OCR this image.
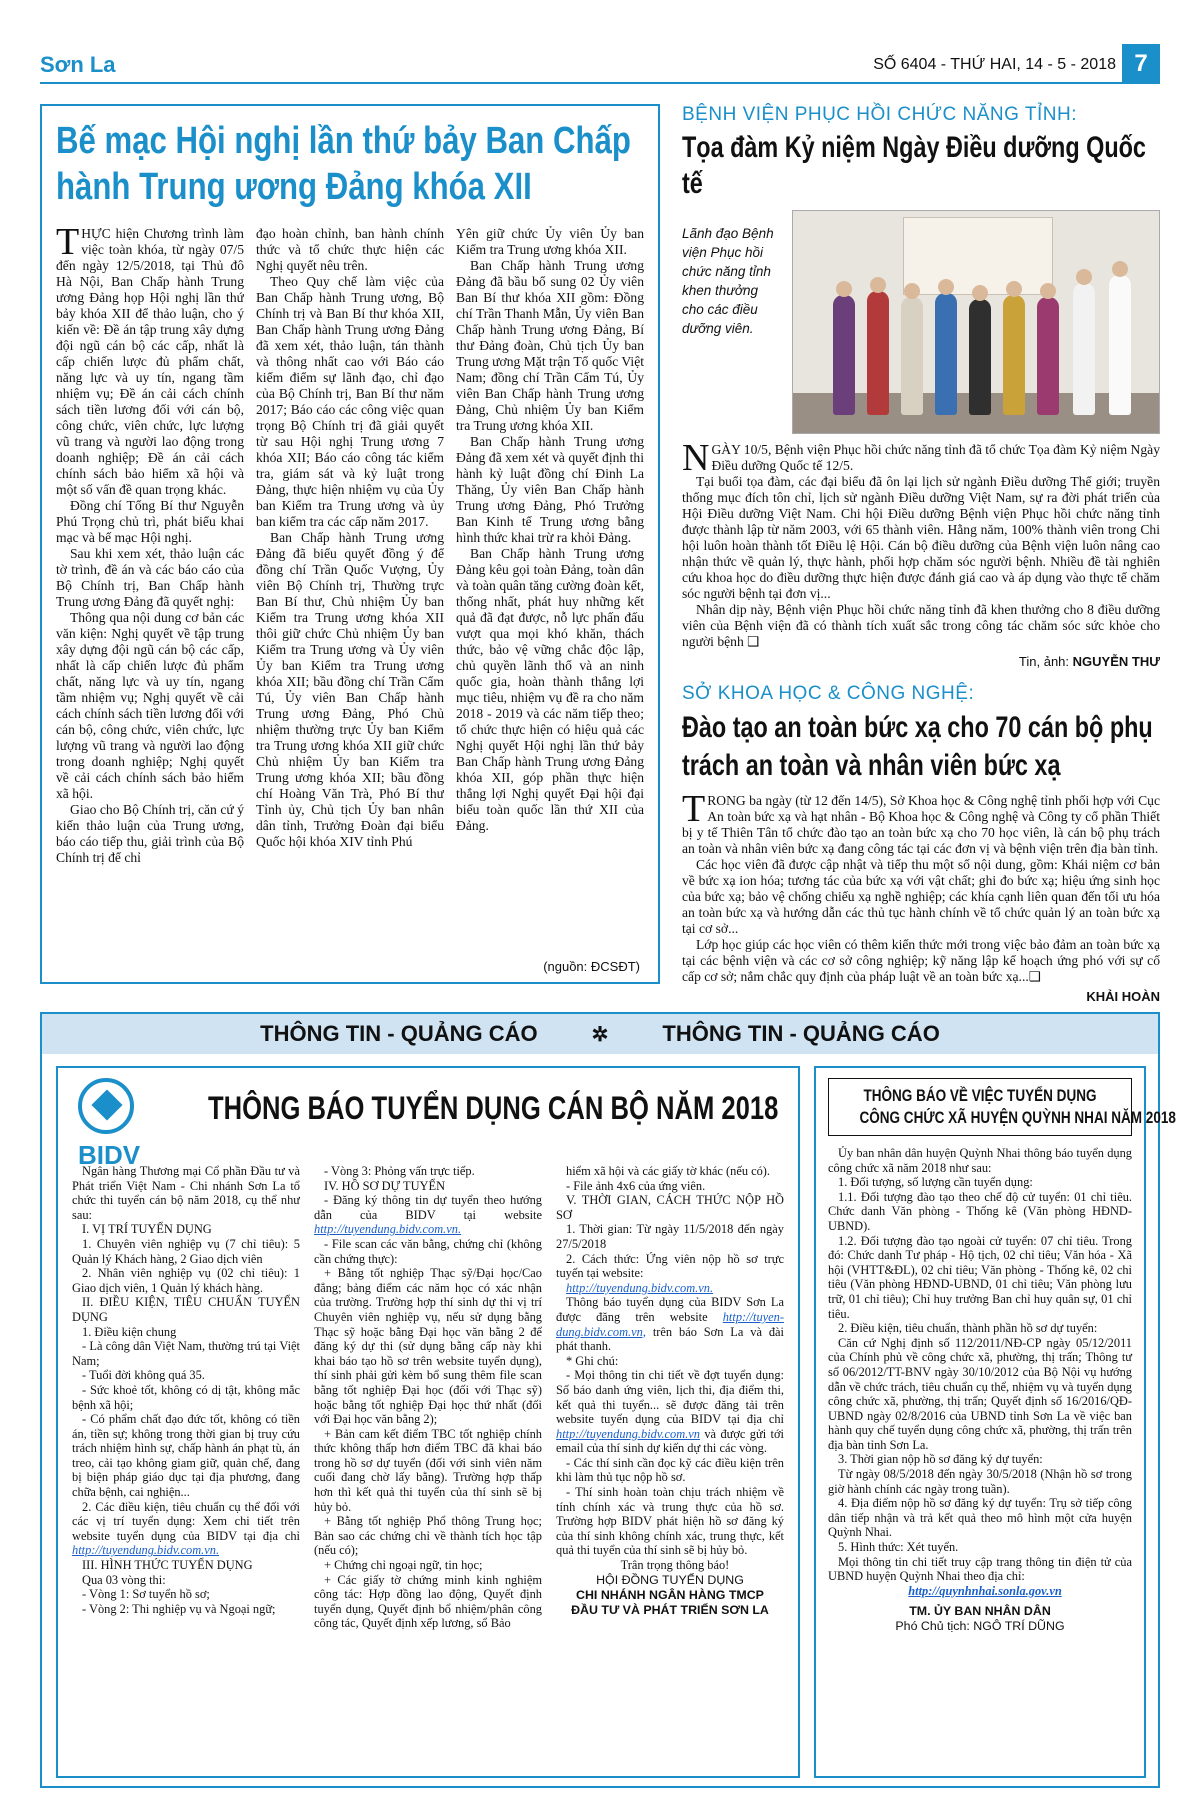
Sơn La	SỐ 6404 - THỨ HAI, 14 - 5 - 2018 7
Bế mạc Hội nghị lần thứ bảy Ban Chấp hành Trung ương Đảng khóa XII

THỰC hiện Chương trình làm việc toàn khóa, từ ngày 07/5 đến ngày 12/5/2018, tại Thủ đô Hà Nội, Ban Chấp hành Trung ương Đảng họp Hội nghị lần thứ bảy khóa XII để thảo luận, cho ý kiến về: Đề án tập trung xây dựng đội ngũ cán bộ các cấp, nhất là cấp chiến lược đủ phẩm chất, năng lực và uy tín, ngang tầm nhiệm vụ; Đề án cải cách chính sách tiền lương đối với cán bộ, công chức, viên chức, lực lượng vũ trang và người lao động trong doanh nghiệp; Đề án cải cách chính sách bảo hiểm xã hội và một số vấn đề quan trọng khác.

Đồng chí Tổng Bí thư Nguyễn Phú Trọng chủ trì, phát biểu khai mạc và bế mạc Hội nghị.

Sau khi xem xét, thảo luận các tờ trình, đề án và các báo cáo của Bộ Chính trị, Ban Chấp hành Trung ương Đảng đã quyết nghị:

Thông qua nội dung cơ bản các văn kiện: Nghị quyết về tập trung xây dựng đội ngũ cán bộ các cấp, nhất là cấp chiến lược đủ phẩm chất, năng lực và uy tín, ngang tầm nhiệm vụ; Nghị quyết về cải cách chính sách tiền lương đối với cán bộ, công chức, viên chức, lực lượng vũ trang và người lao động trong doanh nghiệp; Nghị quyết về cải cách chính sách bảo hiểm xã hội.

Giao cho Bộ Chính trị, căn cứ ý kiến thảo luận của Trung ương, báo cáo tiếp thu, giải trình của Bộ Chính trị để chỉ

đạo hoàn chỉnh, ban hành chính thức và tổ chức thực hiện các Nghị quyết nêu trên.

Theo Quy chế làm việc của Ban Chấp hành Trung ương, Bộ Chính trị và Ban Bí thư khóa XII, Ban Chấp hành Trung ương Đảng đã xem xét, thảo luận, tán thành và thông nhất cao với Báo cáo kiểm điểm sự lãnh đạo, chỉ đạo của Bộ Chính trị, Ban Bí thư năm 2017; Báo cáo các công việc quan trọng Bộ Chính trị đã giải quyết từ sau Hội nghị Trung ương 7 khóa XII; Báo cáo công tác kiểm tra, giám sát và kỷ luật trong Đảng, thực hiện nhiệm vụ của Ủy ban Kiểm tra Trung ương và ủy ban kiểm tra các cấp năm 2017.

Ban Chấp hành Trung ương Đảng đã biểu quyết đồng ý để đồng chí Trần Quốc Vượng, Ủy viên Bộ Chính trị, Thường trực Ban Bí thư, Chủ nhiệm Ủy ban Kiểm tra Trung ương khóa XII thôi giữ chức Chủ nhiệm Ủy ban Kiểm tra Trung ương và Ủy viên Ủy ban Kiểm tra Trung ương khóa XII; bầu đồng chí Trần Cẩm Tú, Ủy viên Ban Chấp hành Trung ương Đảng, Phó Chủ nhiệm thường trực Ủy ban Kiểm tra Trung ương khóa XII giữ chức Chủ nhiệm Ủy ban Kiểm tra Trung ương khóa XII; bầu đồng chí Hoàng Văn Trà, Phó Bí thư Tỉnh ủy, Chủ tịch Ủy ban nhân dân tỉnh, Trưởng Đoàn đại biểu Quốc hội khóa XIV tỉnh Phú

Yên giữ chức Ủy viên Ủy ban Kiểm tra Trung ương khóa XII.

Ban Chấp hành Trung ương Đảng đã bầu bổ sung 02 Ủy viên Ban Bí thư khóa XII gồm: Đồng chí Trần Thanh Mẫn, Ủy viên Ban Chấp hành Trung ương Đảng, Bí thư Đảng đoàn, Chủ tịch Ủy ban Trung ương Mặt trận Tổ quốc Việt Nam; đồng chí Trần Cẩm Tú, Ủy viên Ban Chấp hành Trung ương Đảng, Chủ nhiệm Ủy ban Kiểm tra Trung ương khóa XII.

Ban Chấp hành Trung ương Đảng đã xem xét và quyết định thi hành kỷ luật đồng chí Đinh La Thăng, Ủy viên Ban Chấp hành Trung ương Đảng, Phó Trưởng Ban Kinh tế Trung ương bằng hình thức khai trừ ra khỏi Đảng.

Ban Chấp hành Trung ương Đảng kêu gọi toàn Đảng, toàn dân và toàn quân tăng cường đoàn kết, thống nhất, phát huy những kết quả đã đạt được, nỗ lực phấn đấu vượt qua mọi khó khăn, thách thức, bảo vệ vững chắc độc lập, chủ quyền lãnh thổ và an ninh quốc gia, hoàn thành thắng lợi mục tiêu, nhiệm vụ đề ra cho năm 2018 - 2019 và các năm tiếp theo; tổ chức thực hiện có hiệu quả các Nghị quyết Hội nghị lần thứ bảy Ban Chấp hành Trung ương Đảng khóa XII, góp phần thực hiện thắng lợi Nghị quyết Đại hội đại biểu toàn quốc lần thứ XII của Đảng.

(nguồn: ĐCSĐT)
BỆNH VIỆN PHỤC HỒI CHỨC NĂNG TỈNH:
Tọa đàm Kỷ niệm Ngày Điều dưỡng Quốc tế
Lãnh đạo Bệnh viện Phục hồi chức năng tỉnh khen thưởng cho các điều dưỡng viên.

NGÀY 10/5, Bệnh viện Phục hồi chức năng tỉnh đã tổ chức Tọa đàm Kỷ niệm Ngày Điều dưỡng Quốc tế 12/5.

Tại buổi tọa đàm, các đại biểu đã ôn lại lịch sử ngành Điều dưỡng Thế giới; truyền thống mục đích tôn chỉ, lịch sử ngành Điều dưỡng Việt Nam, sự ra đời phát triển của Hội Điều dưỡng Việt Nam. Chi hội Điều dưỡng Bệnh viện Phục hồi chức năng tỉnh được thành lập từ năm 2003, với 65 thành viên. Hằng năm, 100% thành viên trong Chi hội luôn hoàn thành tốt Điều lệ Hội. Cán bộ điều dưỡng của Bệnh viện luôn nâng cao nhận thức về quản lý, thực hành, phối hợp chăm sóc người bệnh. Nhiều đề tài nghiên cứu khoa học do điều dưỡng thực hiện được đánh giá cao và áp dụng vào thực tế chăm sóc người bệnh tại đơn vị...

Nhân dịp này, Bệnh viện Phục hồi chức năng tỉnh đã khen thưởng cho 8 điều dưỡng viên của Bệnh viện đã có thành tích xuất sắc trong công tác chăm sóc sức khỏe cho người bệnh ❑

Tin, ảnh: NGUYỄN THƯ
SỞ KHOA HỌC & CÔNG NGHỆ:
Đào tạo an toàn bức xạ cho 70 cán bộ phụ trách an toàn và nhân viên bức xạ

TRONG ba ngày (từ 12 đến 14/5), Sở Khoa học & Công nghệ tỉnh phối hợp với Cục An toàn bức xạ và hạt nhân - Bộ Khoa học & Công nghệ và Công ty cổ phần Thiết bị y tế Thiên Tân tổ chức đào tạo an toàn bức xạ cho 70 học viên, là cán bộ phụ trách an toàn và nhân viên bức xạ đang công tác tại các đơn vị và bệnh viện trên địa bàn tỉnh.

Các học viên đã được cập nhật và tiếp thu một số nội dung, gồm: Khái niệm cơ bản về bức xạ ion hóa; tương tác của bức xạ với vật chất; ghi đo bức xạ; hiệu ứng sinh học của bức xạ; bảo vệ chống chiếu xạ nghề nghiệp; các khía cạnh liên quan đến tối ưu hóa an toàn bức xạ và hướng dẫn các thủ tục hành chính về tổ chức quản lý an toàn bức xạ tại cơ sở...

Lớp học giúp các học viên có thêm kiến thức mới trong việc bảo đảm an toàn bức xạ tại các bệnh viện và các cơ sở công nghiệp; kỹ năng lập kế hoạch ứng phó với sự cố cấp cơ sở; nắm chắc quy định của pháp luật về an toàn bức xạ...❑

KHẢI HOÀN
THÔNG TIN - QUẢNG CÁO	✲ THÔNG TIN - QUẢNG CÁO
BIDV
THÔNG BÁO TUYỂN DỤNG CÁN BỘ NĂM 2018

Ngân hàng Thương mại Cổ phần Đầu tư và Phát triển Việt Nam - Chi nhánh Sơn La tổ chức thi tuyển cán bộ năm 2018, cụ thể như sau:

I. VỊ TRÍ TUYỂN DỤNG

1. Chuyên viên nghiệp vụ (7 chỉ tiêu): 5 Quản lý Khách hàng, 2 Giao dịch viên

2. Nhân viên nghiệp vụ (02 chỉ tiêu): 1 Giao dịch viên, 1 Quản lý khách hàng.

II. ĐIỀU KIỆN, TIÊU CHUẨN TUYỂN DỤNG

1. Điều kiện chung

- Là công dân Việt Nam, thường trú tại Việt Nam;

- Tuổi đời không quá 35.

- Sức khoẻ tốt, không có dị tật, không mắc bệnh xã hội;

- Có phẩm chất đạo đức tốt, không có tiền án, tiền sự; không trong thời gian bị truy cứu trách nhiệm hình sự, chấp hành án phạt tù, án treo, cải tạo không giam giữ, quản chế, đang bị biện pháp giáo dục tại địa phương, đang chữa bệnh, cai nghiện...

2. Các điều kiện, tiêu chuẩn cụ thể đối với các vị trí tuyển dụng: Xem chi tiết trên website tuyển dụng của BIDV tại địa chỉ http://tuyendung.bidv.com.vn.

III. HÌNH THỨC TUYỂN DỤNG

Qua 03 vòng thi:

- Vòng 1: Sơ tuyển hồ sơ;

- Vòng 2: Thi nghiệp vụ và Ngoại ngữ;

- Vòng 3: Phỏng vấn trực tiếp.

IV. HỒ SƠ DỰ TUYỂN

- Đăng ký thông tin dự tuyển theo hướng dẫn của BIDV tại website http://tuyendung.bidv.com.vn.

- File scan các văn bằng, chứng chỉ (không cần chứng thực):

+ Bằng tốt nghiệp Thạc sỹ/Đại học/Cao đẳng; bảng điểm các năm học có xác nhận của trường. Trường hợp thí sinh dự thi vị trí Chuyên viên nghiệp vụ, nếu sử dụng bằng Thạc sỹ hoặc bằng Đại học văn bằng 2 để đăng ký dự thi (sử dụng bằng cấp này khi khai báo tạo hồ sơ trên website tuyển dụng), thí sinh phải gửi kèm bổ sung thêm file scan bằng tốt nghiệp Đại học (đối với Thạc sỹ) hoặc bằng tốt nghiệp Đại học thứ nhất (đối với Đại học văn bằng 2);

+ Bản cam kết điểm TBC tốt nghiệp chính thức không thấp hơn điểm TBC đã khai báo trong hồ sơ dự tuyển (đối với sinh viên năm cuối đang chờ lấy bằng). Trường hợp thấp hơn thì kết quả thi tuyển của thí sinh sẽ bị hủy bỏ.

+ Bằng tốt nghiệp Phổ thông Trung học; Bản sao các chứng chỉ về thành tích học tập (nếu có);

+ Chứng chỉ ngoại ngữ, tin học;

+ Các giấy tờ chứng minh kinh nghiệm công tác: Hợp đồng lao động, Quyết định tuyển dụng, Quyết định bổ nhiệm/phân công công tác, Quyết định xếp lương, sổ Bảo

hiểm xã hội và các giấy tờ khác (nếu có).

- File ảnh 4x6 của ứng viên.

V. THỜI GIAN, CÁCH THỨC NỘP HỒ SƠ

1. Thời gian: Từ ngày 11/5/2018 đến ngày 27/5/2018

2. Cách thức: Ứng viên nộp hồ sơ trực tuyến tại website:

http://tuyendung.bidv.com.vn.

Thông báo tuyển dụng của BIDV Sơn La được đăng trên website http://tuyen-dung.bidv.com.vn, trên báo Sơn La và đài phát thanh.

* Ghi chú:

- Mọi thông tin chi tiết về đợt tuyển dụng: Số báo danh ứng viên, lịch thi, địa điểm thi, kết quả thi tuyển... sẽ được đăng tải trên website tuyển dụng của BIDV tại địa chỉ http://tuyendung.bidv.com.vn và được gửi tới email của thí sinh dự kiến dự thi các vòng.

- Các thí sinh cần đọc kỹ các điều kiện trên khi làm thủ tục nộp hồ sơ.

- Thí sinh hoàn toàn chịu trách nhiệm về tính chính xác và trung thực của hồ sơ. Trường hợp BIDV phát hiện hồ sơ đăng ký của thí sinh không chính xác, trung thực, kết quả thi tuyển của thí sinh sẽ bị hủy bỏ.

Trân trọng thông báo!

HỘI ĐỒNG TUYỂN DỤNG
CHI NHÁNH NGÂN HÀNG TMCP
ĐẦU TƯ VÀ PHÁT TRIỂN SƠN LA
THÔNG BÁO VỀ VIỆC TUYỂN DỤNG
CÔNG CHỨC XÃ HUYỆN QUỲNH NHAI NĂM 2018

Ủy ban nhân dân huyện Quỳnh Nhai thông báo tuyển dụng công chức xã năm 2018 như sau:

1. Đối tượng, số lượng cần tuyển dụng:

1.1. Đối tượng đào tạo theo chế độ cử tuyển: 01 chỉ tiêu. Chức danh Văn phòng - Thống kê (Văn phòng HĐND-UBND).

1.2. Đối tượng đào tạo ngoài cử tuyển: 07 chỉ tiêu. Trong đó: Chức danh Tư pháp - Hộ tịch, 02 chỉ tiêu; Văn hóa - Xã hội (VHTT&ĐL), 02 chỉ tiêu; Văn phòng - Thống kê, 02 chỉ tiêu (Văn phòng HĐND-UBND, 01 chỉ tiêu; Văn phòng lưu trữ, 01 chỉ tiêu); Chỉ huy trưởng Ban chỉ huy quân sự, 01 chỉ tiêu.

2. Điều kiện, tiêu chuẩn, thành phần hồ sơ dự tuyển:

Căn cứ Nghị định số 112/2011/NĐ-CP ngày 05/12/2011 của Chính phủ về công chức xã, phường, thị trấn; Thông tư số 06/2012/TT-BNV ngày 30/10/2012 của Bộ Nội vụ hướng dẫn về chức trách, tiêu chuẩn cụ thể, nhiệm vụ và tuyển dụng công chức xã, phường, thị trấn; Quyết định số 16/2016/QĐ-UBND ngày 02/8/2016 của UBND tỉnh Sơn La về việc ban hành quy chế tuyển dụng công chức xã, phường, thị trấn trên địa bàn tỉnh Sơn La.

3. Thời gian nộp hồ sơ đăng ký dự tuyển:

Từ ngày 08/5/2018 đến ngày 30/5/2018 (Nhận hồ sơ trong giờ hành chính các ngày trong tuần).

4. Địa điểm nộp hồ sơ đăng ký dự tuyển: Trụ sở tiếp công dân tiếp nhận và trả kết quả theo mô hình một cửa huyện Quỳnh Nhai.

5. Hình thức: Xét tuyển.

Mọi thông tin chi tiết truy cập trang thông tin điện tử của UBND huyện Quỳnh Nhai theo địa chỉ:

http://quynhnhai.sonla.gov.vn

TM. ỦY BAN NHÂN DÂN
Phó Chủ tịch: NGÔ TRÍ DŨNG
